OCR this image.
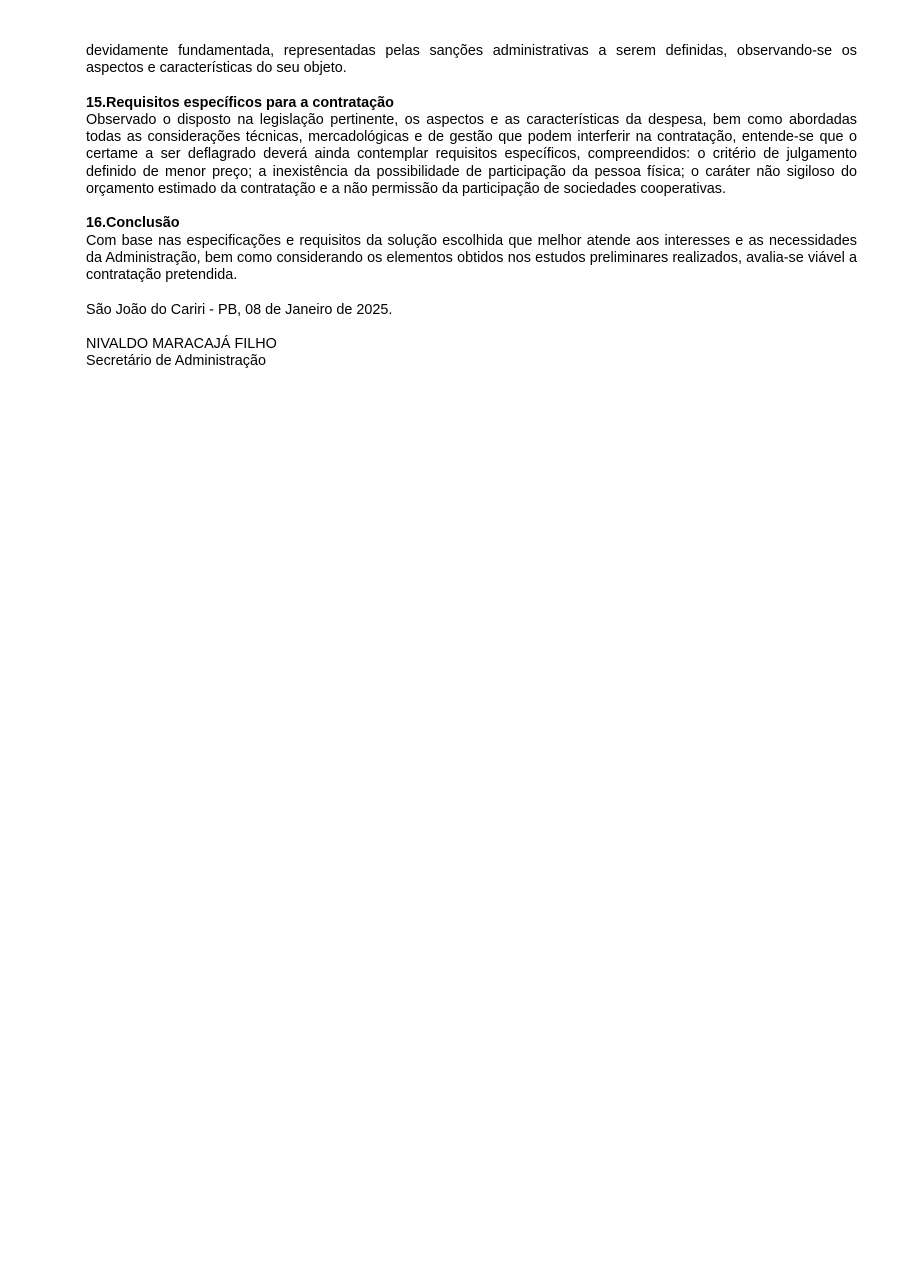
devidamente fundamentada, representadas pelas sanções administrativas a serem definidas, observando-se os aspectos e características do seu objeto.

15.Requisitos específicos para a contratação

Observado o disposto na legislação pertinente, os aspectos e as características da despesa, bem como abordadas todas as considerações técnicas, mercadológicas e de gestão que podem interferir na contratação, entende-se que o certame a ser deflagrado deverá ainda contemplar requisitos específicos, compreendidos: o critério de julgamento definido de menor preço; a inexistência da possibilidade de participação da pessoa física; o caráter não sigiloso do orçamento estimado da contratação e a não permissão da participação de sociedades cooperativas.

16.Conclusão

Com base nas especificações e requisitos da solução escolhida que melhor atende aos interesses e as necessidades da Administração, bem como considerando os elementos obtidos nos estudos preliminares realizados, avalia-se viável a contratação pretendida.

São João do Cariri - PB, 08 de Janeiro de 2025.

NIVALDO MARACAJÁ FILHO

Secretário de Administração
